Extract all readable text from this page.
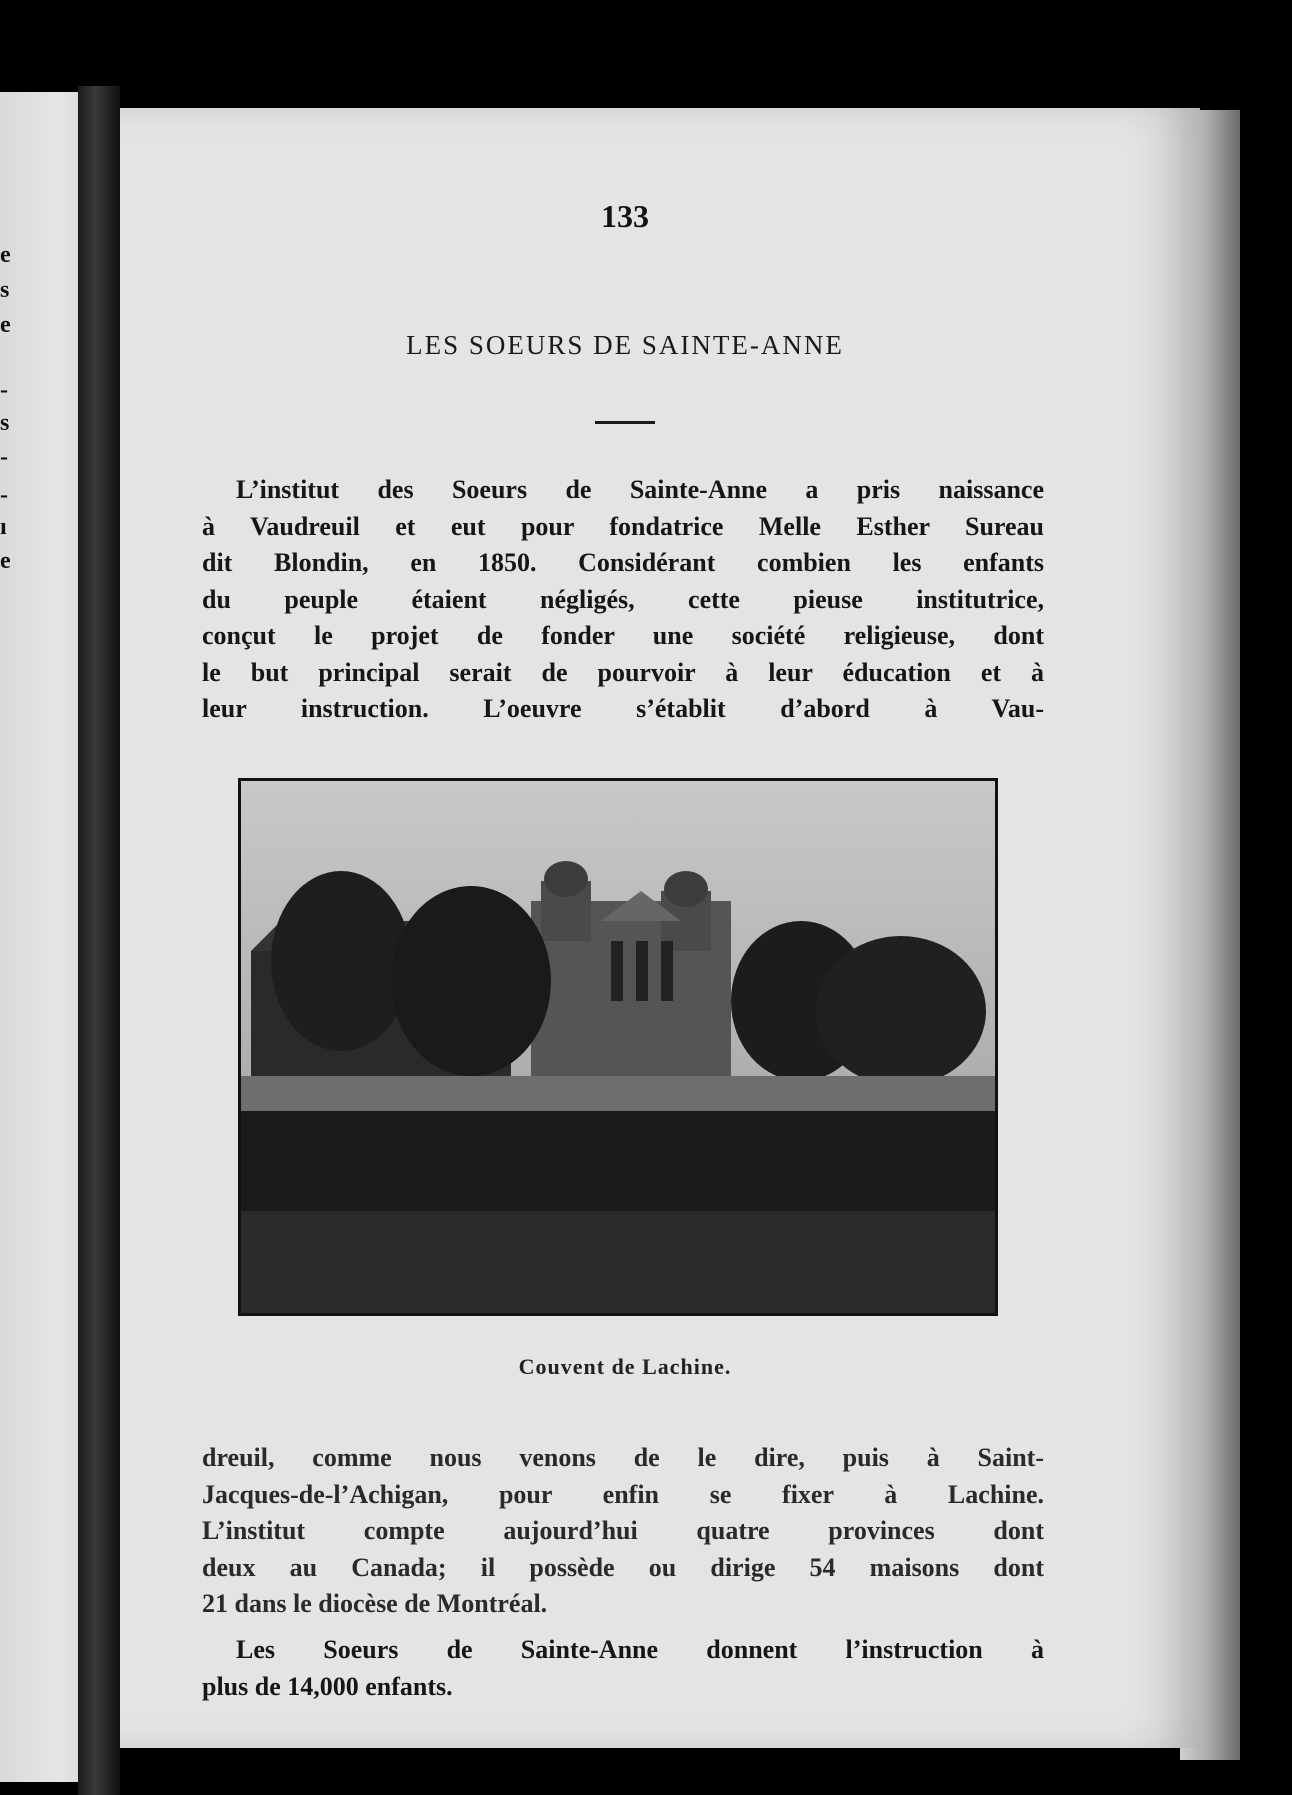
e
s
e
-
s
-
-
ı
e
133
LES SOEURS DE SAINTE-ANNE

L’institut des Soeurs de Sainte-Anne a pris naissance
à Vaudreuil et eut pour fondatrice Melle Esther Sureau
dit Blondin, en 1850. Considérant combien les enfants
du peuple étaient négligés, cette pieuse institutrice,
conçut le projet de fonder une société religieuse, dont
le but principal serait de pourvoir à leur éducation et à
leur instruction. L’oeuvre s’établit d’abord à Vau-

Couvent de Lachine.

dreuil, comme nous venons de le dire, puis à Saint-
Jacques-de-l’Achigan, pour enfin se fixer à Lachine.
L’institut compte aujourd’hui quatre provinces dont
deux au Canada; il possède ou dirige 54 maisons dont
21 dans le diocèse de Montréal.

Les Soeurs de Sainte-Anne donnent l’instruction à
plus de 14,000 enfants.
